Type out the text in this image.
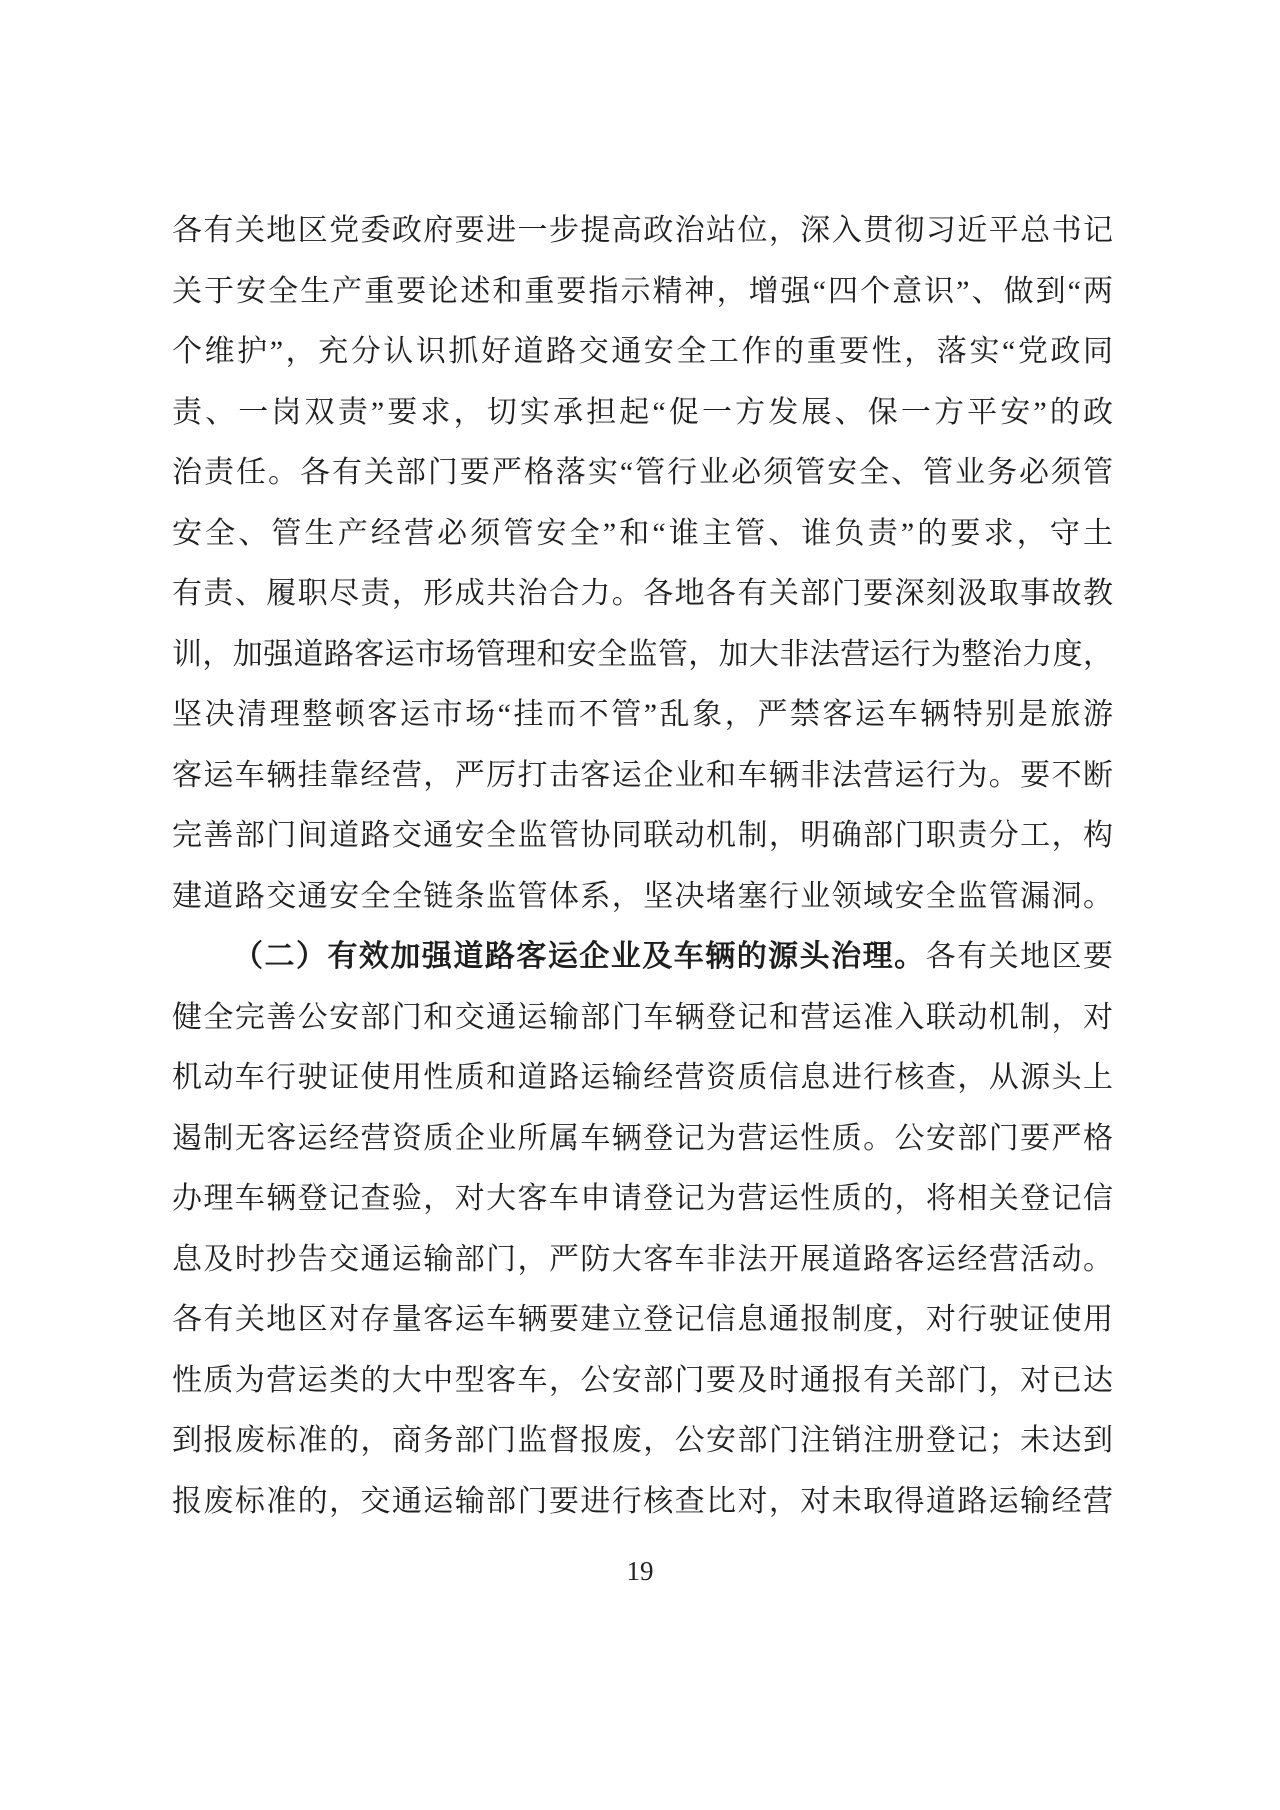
各有关地区党委政府要进一步提高政治站位，深入贯彻习近平总书记

关于安全生产重要论述和重要指示精神，增强“四个意识”、做到“两

个维护”，充分认识抓好道路交通安全工作的重要性，落实“党政同

责、一岗双责”要求，切实承担起“促一方发展、保一方平安”的政

治责任。各有关部门要严格落实“管行业必须管安全、管业务必须管

安全、管生产经营必须管安全”和“谁主管、谁负责”的要求，守土

有责、履职尽责，形成共治合力。各地各有关部门要深刻汲取事故教

训，加强道路客运市场管理和安全监管，加大非法营运行为整治力度，

坚决清理整顿客运市场“挂而不管”乱象，严禁客运车辆特别是旅游

客运车辆挂靠经营，严厉打击客运企业和车辆非法营运行为。要不断

完善部门间道路交通安全监管协同联动机制，明确部门职责分工，构

建道路交通安全全链条监管体系，坚决堵塞行业领域安全监管漏洞。

（二）有效加强道路客运企业及车辆的源头治理。各有关地区要

健全完善公安部门和交通运输部门车辆登记和营运准入联动机制，对

机动车行驶证使用性质和道路运输经营资质信息进行核查，从源头上

遏制无客运经营资质企业所属车辆登记为营运性质。公安部门要严格

办理车辆登记查验，对大客车申请登记为营运性质的，将相关登记信

息及时抄告交通运输部门，严防大客车非法开展道路客运经营活动。

各有关地区对存量客运车辆要建立登记信息通报制度，对行驶证使用

性质为营运类的大中型客车，公安部门要及时通报有关部门，对已达

到报废标准的，商务部门监督报废，公安部门注销注册登记；未达到

报废标准的，交通运输部门要进行核查比对，对未取得道路运输经营

19
